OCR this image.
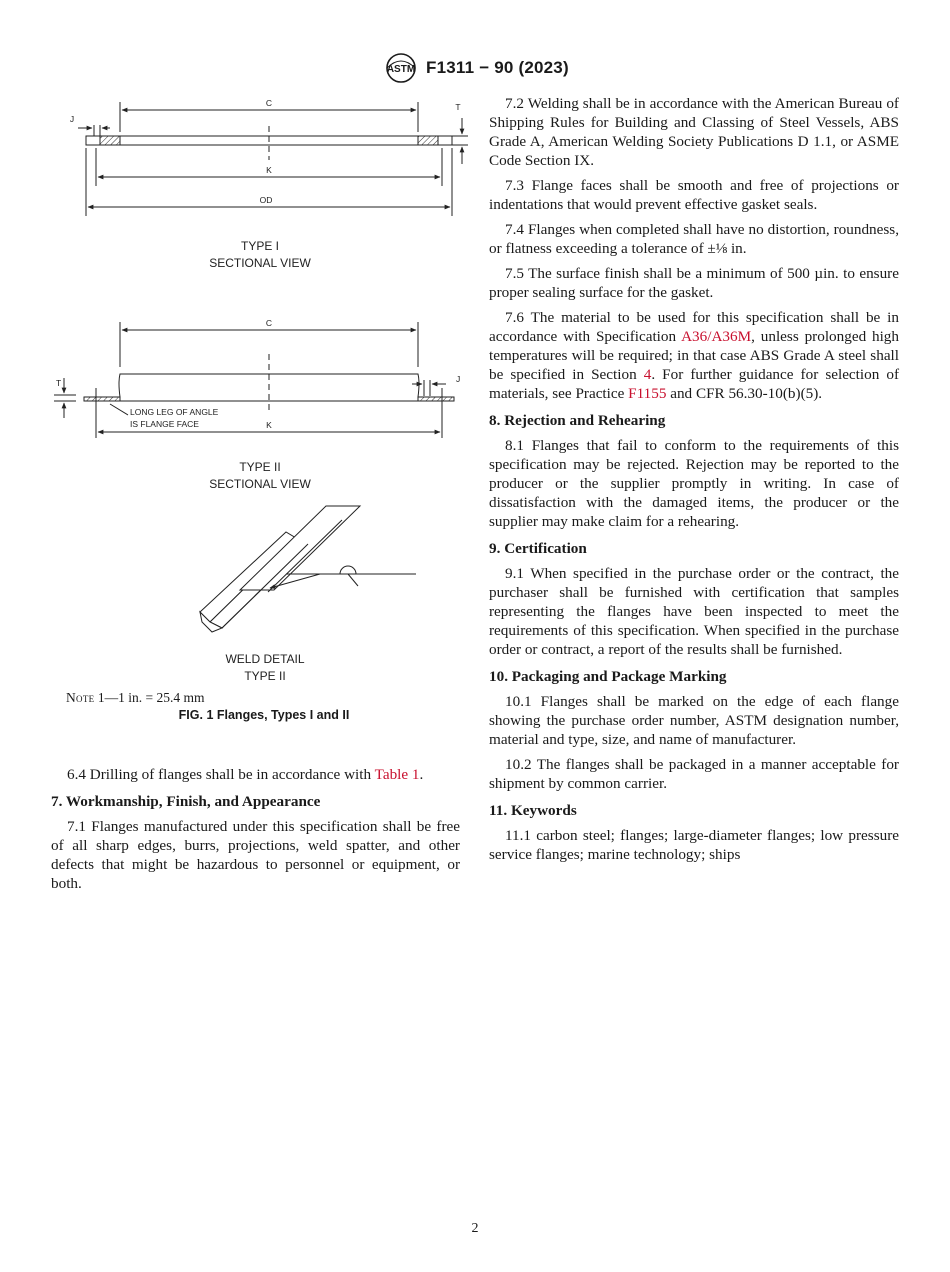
ASTM F1311 − 90 (2023)
C
K
OD
J
T
C
K
T	J
LONG LEG OF ANGLE
IS FLANGE FACE
TYPE I
SECTIONAL VIEW
TYPE II
SECTIONAL VIEW
WELD DETAIL
TYPE II
Note 1—1 in. = 25.4 mm
FIG. 1 Flanges, Types I and II

6.4 Drilling of flanges shall be in accordance with Table 1.

7. Workmanship, Finish, and Appearance

7.1 Flanges manufactured under this specification shall be free of all sharp edges, burrs, projections, weld spatter, and other defects that might be hazardous to personnel or equipment, or both.

7.2 Welding shall be in accordance with the American Bureau of Shipping Rules for Building and Classing of Steel Vessels, ABS Grade A, American Welding Society Publications D 1.1, or ASME Code Section IX.

7.3 Flange faces shall be smooth and free of projections or indentations that would prevent effective gasket seals.

7.4 Flanges when completed shall have no distortion, roundness, or flatness exceeding a tolerance of ±⅛ in.

7.5 The surface finish shall be a minimum of 500 µin. to ensure proper sealing surface for the gasket.

7.6 The material to be used for this specification shall be in accordance with Specification A36/A36M, unless prolonged high temperatures will be required; in that case ABS Grade A steel shall be specified in Section 4. For further guidance for selection of materials, see Practice F1155 and CFR 56.30-10(b)(5).

8. Rejection and Rehearing

8.1 Flanges that fail to conform to the requirements of this specification may be rejected. Rejection may be reported to the producer or the supplier promptly in writing. In case of dissatisfaction with the damaged items, the producer or the supplier may make claim for a rehearing.

9. Certification

9.1 When specified in the purchase order or the contract, the purchaser shall be furnished with certification that samples representing the flanges have been inspected to meet the requirements of this specification. When specified in the purchase order or contract, a report of the results shall be furnished.

10. Packaging and Package Marking

10.1 Flanges shall be marked on the edge of each flange showing the purchase order number, ASTM designation number, material and type, size, and name of manufacturer.

10.2 The flanges shall be packaged in a manner acceptable for shipment by common carrier.

11. Keywords

11.1 carbon steel; flanges; large-diameter flanges; low pressure service flanges; marine technology; ships

2
